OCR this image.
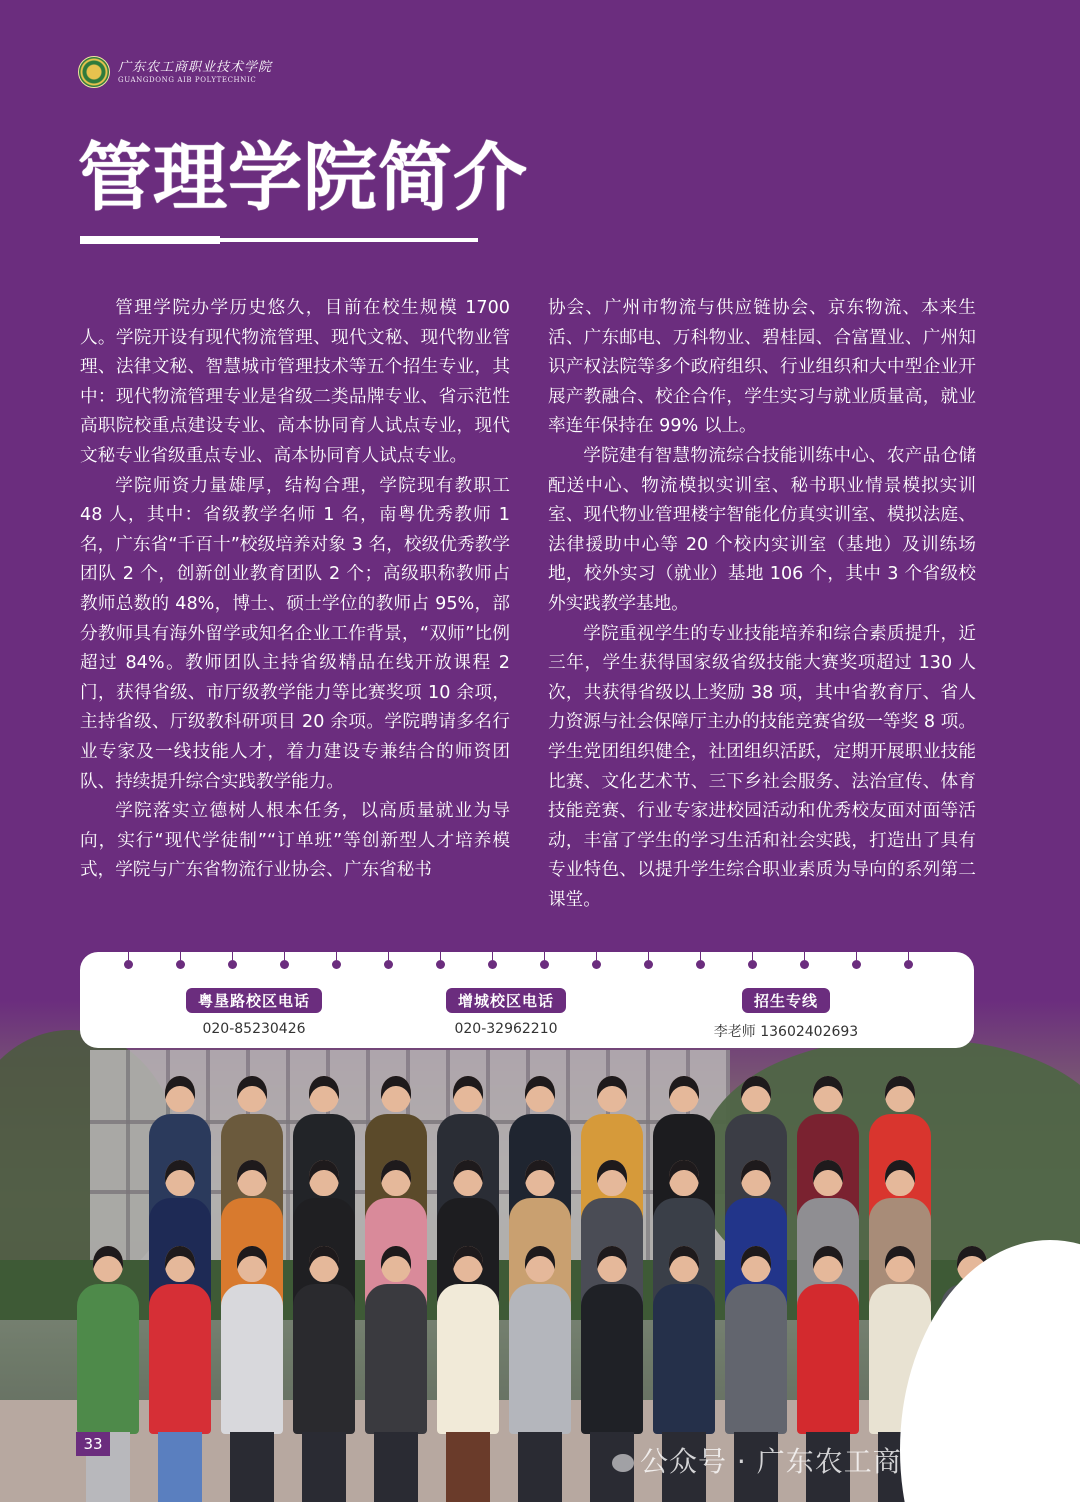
广东农工商职业技术学院
GUANGDONG AIB POLYTECHNIC
管理学院简介

管理学院办学历史悠久，目前在校生规模 1700 人。学院开设有现代物流管理、现代文秘、现代物业管理、法律文秘、智慧城市管理技术等五个招生专业，其中：现代物流管理专业是省级二类品牌专业、省示范性高职院校重点建设专业、高本协同育人试点专业，现代文秘专业省级重点专业、高本协同育人试点专业。

学院师资力量雄厚，结构合理，学院现有教职工 48 人，其中：省级教学名师 1 名，南粤优秀教师 1 名，广东省“千百十”校级培养对象 3 名，校级优秀教学团队 2 个，创新创业教育团队 2 个；高级职称教师占教师总数的 48%，博士、硕士学位的教师占 95%，部分教师具有海外留学或知名企业工作背景，“双师”比例超过 84%。教师团队主持省级精品在线开放课程 2 门，获得省级、市厅级教学能力等比赛奖项 10 余项，主持省级、厅级教科研项目 20 余项。学院聘请多名行业专家及一线技能人才，着力建设专兼结合的师资团队、持续提升综合实践教学能力。

学院落实立德树人根本任务，以高质量就业为导向，实行“现代学徒制”“订单班”等创新型人才培养模式，学院与广东省物流行业协会、广东省秘书

协会、广州市物流与供应链协会、京东物流、本来生活、广东邮电、万科物业、碧桂园、合富置业、广州知识产权法院等多个政府组织、行业组织和大中型企业开展产教融合、校企合作，学生实习与就业质量高，就业率连年保持在 99% 以上。

学院建有智慧物流综合技能训练中心、农产品仓储配送中心、物流模拟实训室、秘书职业情景模拟实训室、现代物业管理楼宇智能化仿真实训室、模拟法庭、法律援助中心等 20 个校内实训室（基地）及训练场地，校外实习（就业）基地 106 个，其中 3 个省级校外实践教学基地。

学院重视学生的专业技能培养和综合素质提升，近三年，学生获得国家级省级技能大赛奖项超过 130 人次，共获得省级以上奖励 38 项，其中省教育厅、省人力资源与社会保障厅主办的技能竞赛省级一等奖 8 项。学生党团组织健全，社团组织活跃，定期开展职业技能比赛、文化艺术节、三下乡社会服务、法治宣传、体育技能竞赛、行业专家进校园活动和优秀校友面对面等活动，丰富了学生的学习生活和社会实践，打造出了具有专业特色、以提升学生综合职业素质为导向的系列第二课堂。

粤垦路校区电话
020-85230426
增城校区电话
020-32962210
招生专线
李老师 13602402693
33
公众号 · 广东农工商招生就业
